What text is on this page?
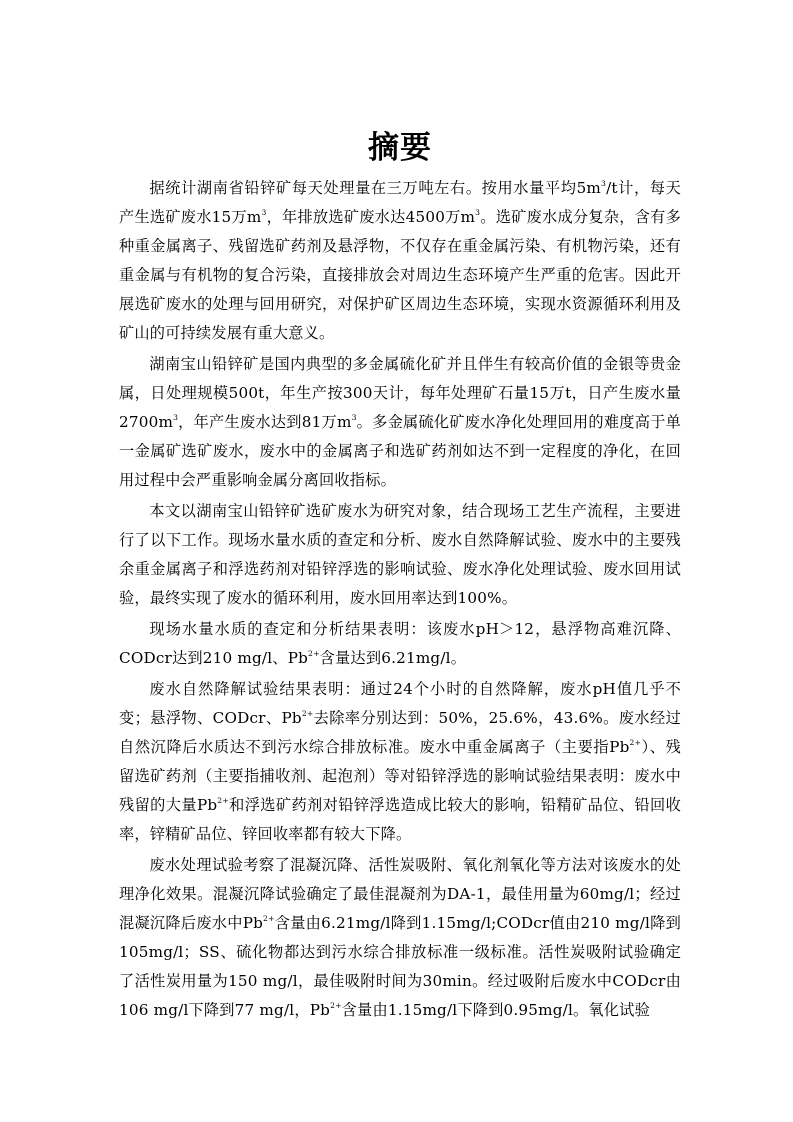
摘要

据统计湖南省铅锌矿每天处理量在三万吨左右。按用水量平均$5m^3/t$计，每天产生选矿废水15万$m^3$，年排放选矿废水达4500万$m^3$。选矿废水成分复杂，含有多种重金属离子、残留选矿药剂及悬浮物，不仅存在重金属污染、有机物污染，还有重金属与有机物的复合污染，直接排放会对周边生态环境产生严重的危害。因此开展选矿废水的处理与回用研究，对保护矿区周边生态环境，实现水资源循环利用及矿山的可持续发展有重大意义。

湖南宝山铅锌矿是国内典型的多金属硫化矿并且伴生有较高价值的金银等贵金属，日处理规模500t，年生产按300天计，每年处理矿石量15万t，日产生废水量$2700m^3$，年产生废水达到81万$m^3$。多金属硫化矿废水净化处理回用的难度高于单一金属矿选矿废水，废水中的金属离子和选矿药剂如达不到一定程度的净化，在回用过程中会严重影响金属分离回收指标。

本文以湖南宝山铅锌矿选矿废水为研究对象，结合现场工艺生产流程，主要进行了以下工作。现场水量水质的查定和分析、废水自然降解试验、废水中的主要残余重金属离子和浮选药剂对铅锌浮选的影响试验、废水净化处理试验、废水回用试验，最终实现了废水的循环利用，废水回用率达到100%。

现场水量水质的查定和分析结果表明：该废水pH＞12，悬浮物高难沉降、CODcr达到210 mg/l、$Pb^{2+}$含量达到6.21mg/l。

废水自然降解试验结果表明：通过24个小时的自然降解，废水pH值几乎不变；悬浮物、CODcr、$Pb^{2+}$去除率分别达到：50%，25.6%，43.6%。废水经过自然沉降后水质达不到污水综合排放标准。废水中重金属离子（主要指$Pb^{2+}$）、残留选矿药剂（主要指捕收剂、起泡剂）等对铅锌浮选的影响试验结果表明：废水中残留的大量$Pb^{2+}$和浮选矿药剂对铅锌浮选造成比较大的影响，铅精矿品位、铅回收率，锌精矿品位、锌回收率都有较大下降。

废水处理试验考察了混凝沉降、活性炭吸附、氧化剂氧化等方法对该废水的处理净化效果。混凝沉降试验确定了最佳混凝剂为DA-1，最佳用量为60mg/l；经过混凝沉降后废水中$Pb^{2+}$含量由6.21mg/l降到1.15mg/l;CODcr值由210 mg/l降到105mg/l；SS、硫化物都达到污水综合排放标准一级标准。活性炭吸附试验确定了活性炭用量为150 mg/l，最佳吸附时间为30min。经过吸附后废水中CODcr由106 mg/l下降到77 mg/l，$Pb^{2+}$含量由1.15mg/l下降到0.95mg/l。氧化试验
